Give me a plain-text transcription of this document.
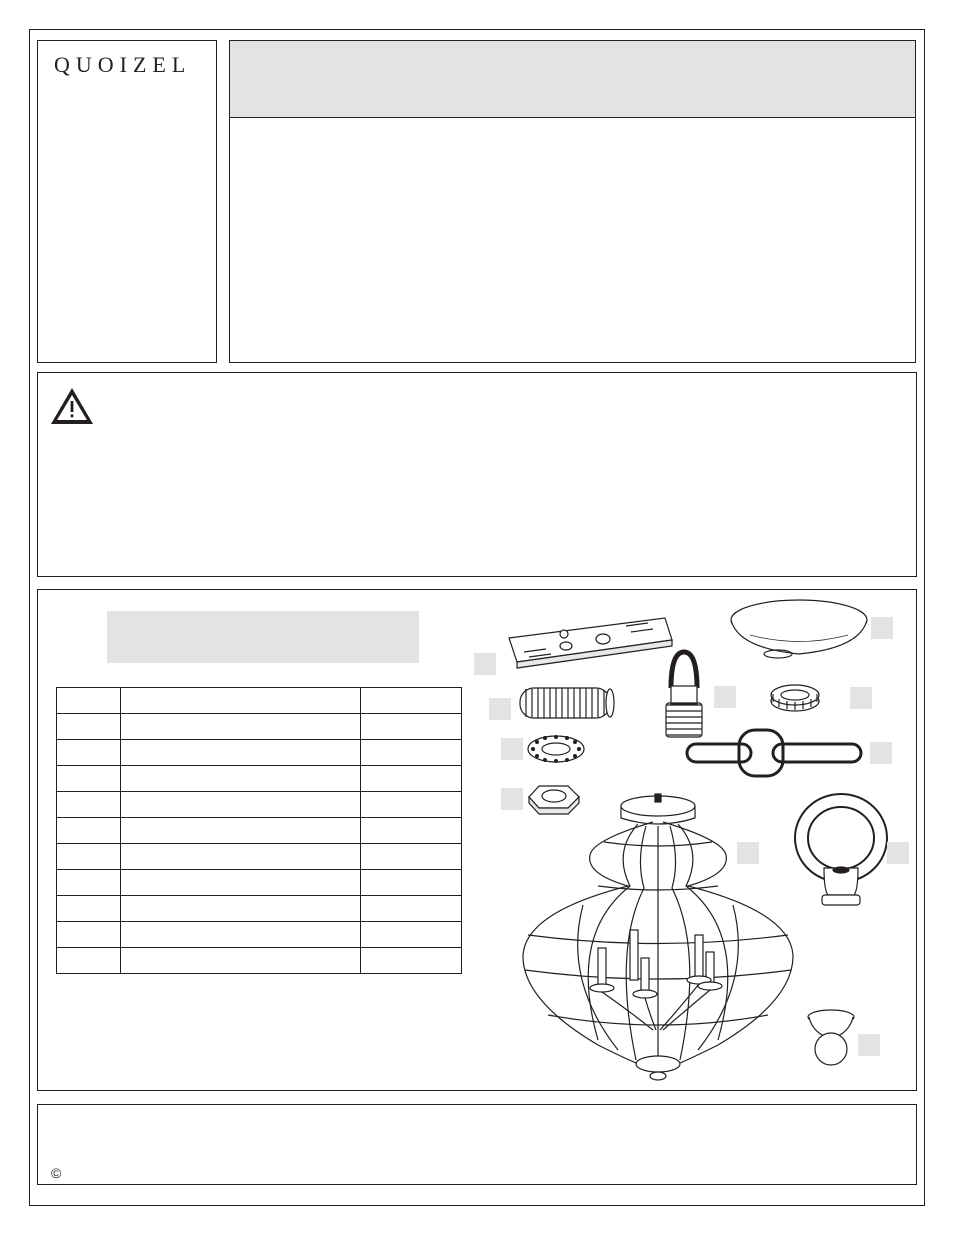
QUOIZEL

©
